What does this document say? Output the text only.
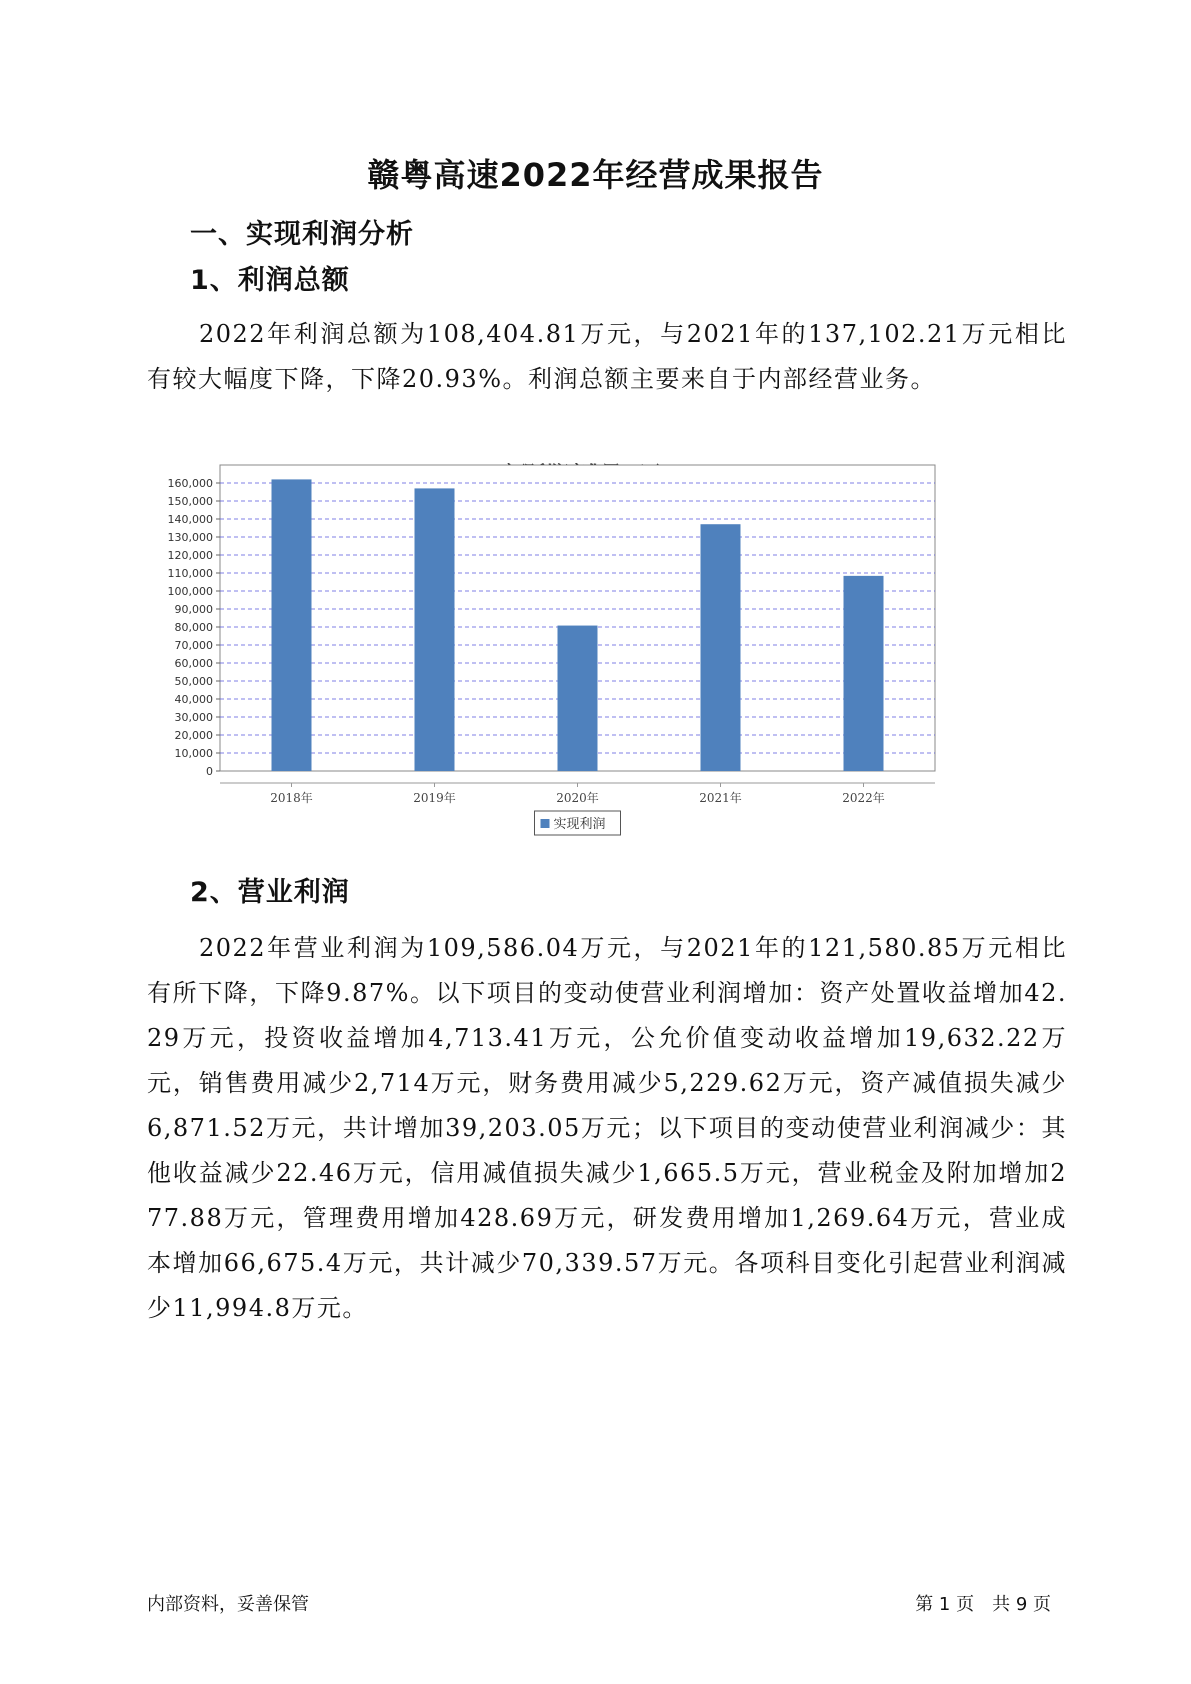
赣粤高速2022年经营成果报告
一、实现利润分析
1、利润总额

2022年利润总额为108,404.81万元，与2021年的137,102.21万元相比有较大幅度下降，下降20.93%。利润总额主要来自于内部经营业务。

0
10,000
20,000
30,000
40,000
50,000
60,000
70,000
80,000
90,000
100,000
110,000
120,000
130,000
140,000
150,000
160,000
2018年	2019年	2020年	2021年	2022年
实现利润
2、营业利润

2022年营业利润为109,586.04万元，与2021年的121,580.85万元相比有所下降，下降9.87%。以下项目的变动使营业利润增加：资产处置收益增加42.29万元，投资收益增加4,713.41万元，公允价值变动收益增加19,632.22万元，销售费用减少2,714万元，财务费用减少5,229.62万元，资产减值损失减少6,871.52万元，共计增加39,203.05万元；以下项目的变动使营业利润减少：其他收益减少22.46万元，信用减值损失减少1,665.5万元，营业税金及附加增加277.88万元，管理费用增加428.69万元，研发费用增加1,269.64万元，营业成本增加66,675.4万元，共计减少70,339.57万元。各项科目变化引起营业利润减少11,994.8万元。

内部资料，妥善保管	第 1 页　共 9 页
